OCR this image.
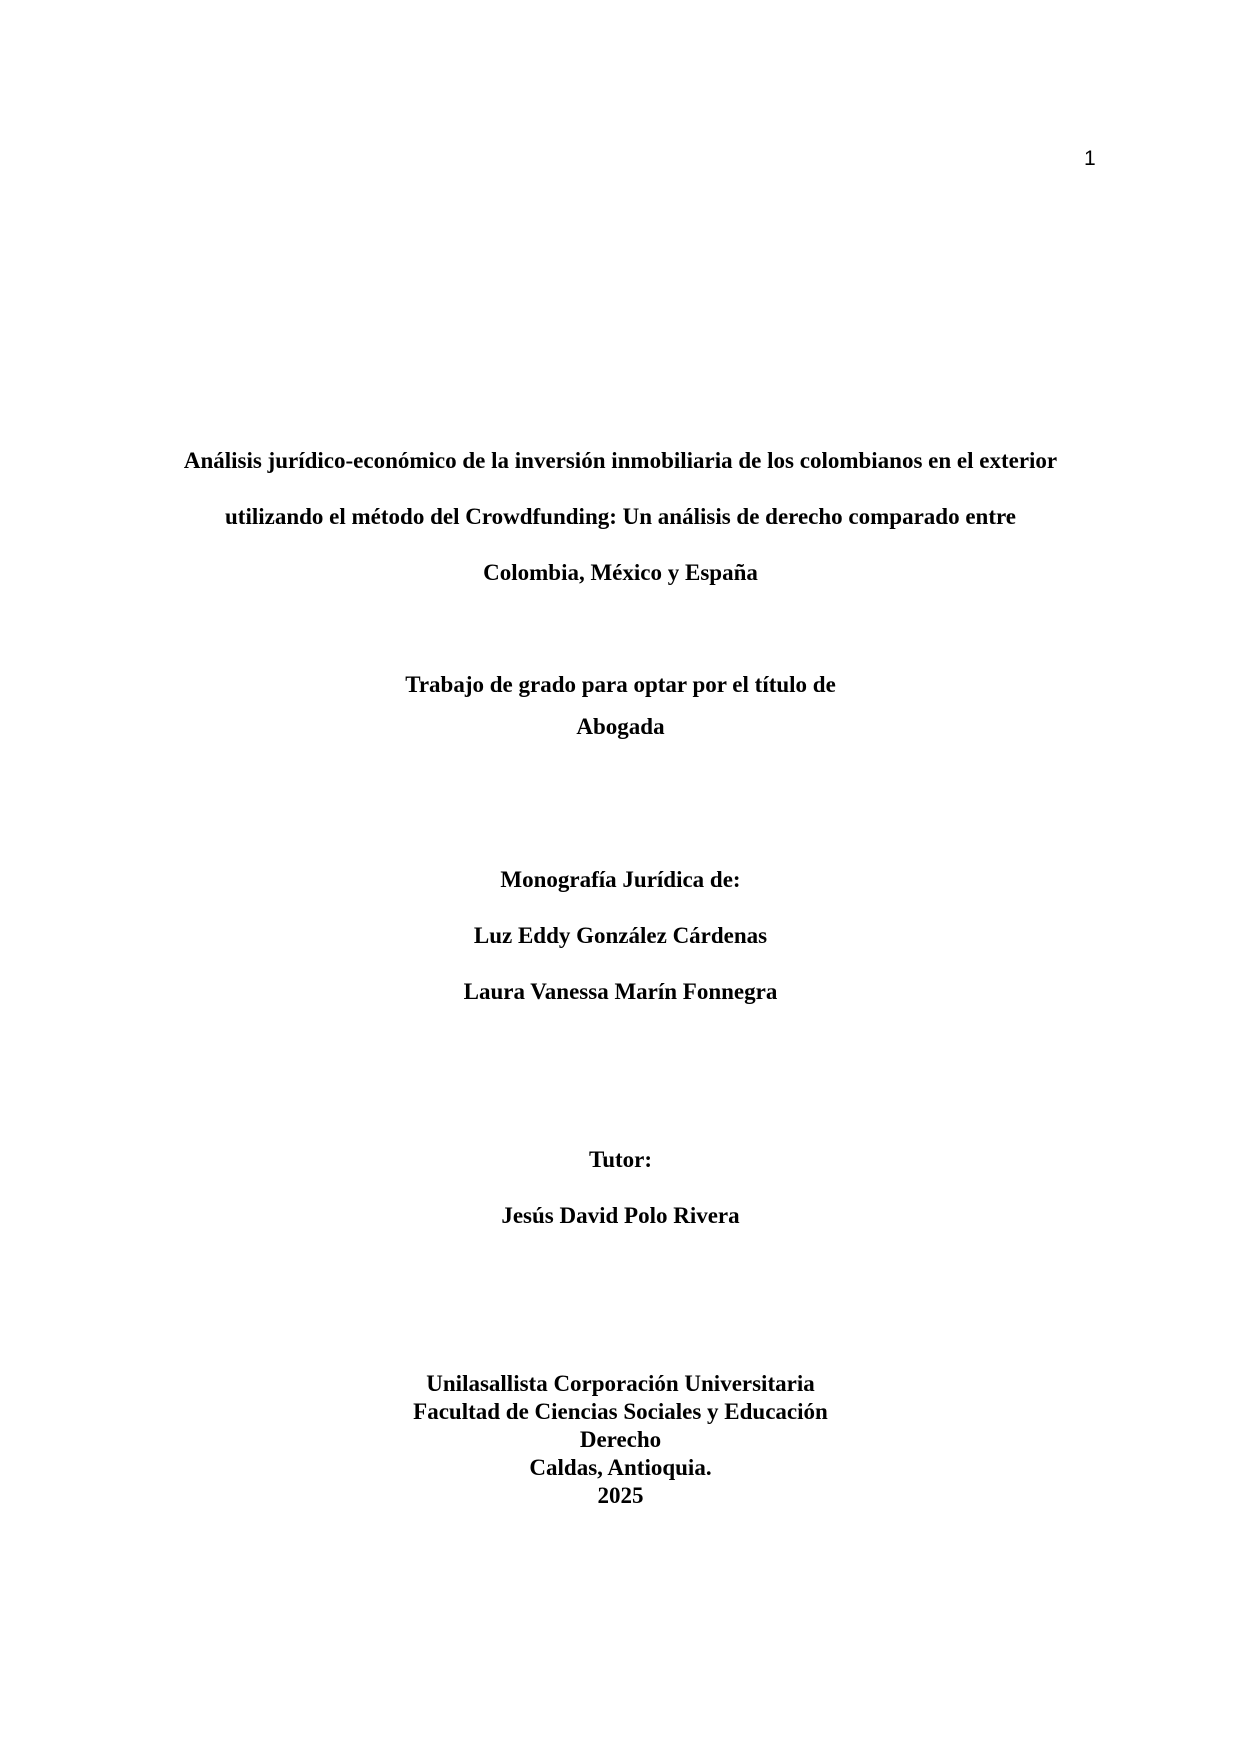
1
Análisis jurídico-económico de la inversión inmobiliaria de los colombianos en el exterior
utilizando el método del Crowdfunding: Un análisis de derecho comparado entre
Colombia, México y España
Trabajo de grado para optar por el título de
Abogada
Monografía Jurídica de:
Luz Eddy González Cárdenas
Laura Vanessa Marín Fonnegra
Tutor:
Jesús David Polo Rivera
Unilasallista Corporación Universitaria
Facultad de Ciencias Sociales y Educación
Derecho
Caldas, Antioquia.
2025
